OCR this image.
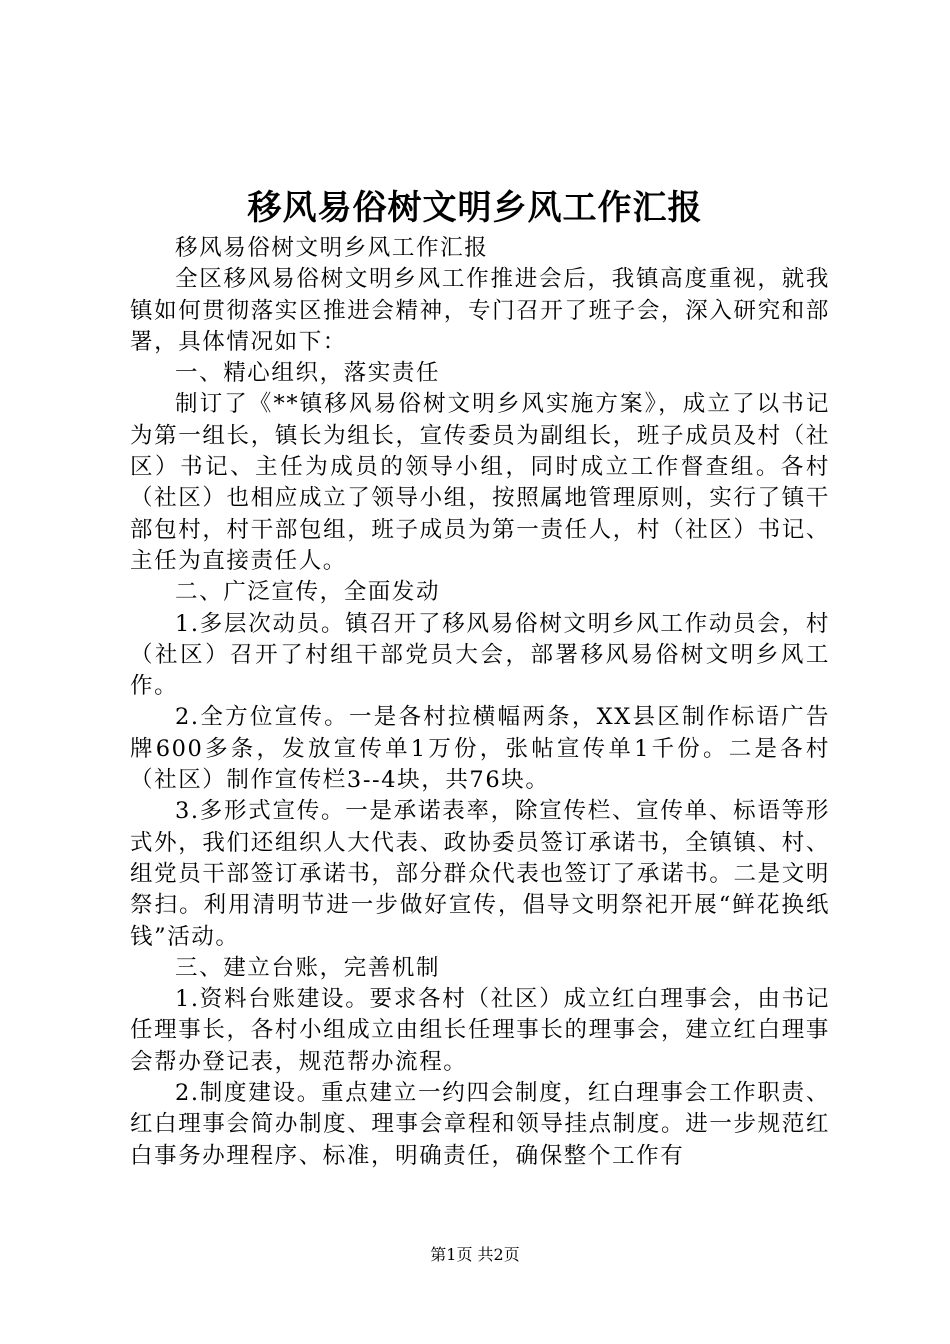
移风易俗树文明乡风工作汇报

移风易俗树文明乡风工作汇报

全区移风易俗树文明乡风工作推进会后，我镇高度重视，就我镇如何贯彻落实区推进会精神，专门召开了班子会，深入研究和部署，具体情况如下：

一、精心组织，落实责任

制订了《**镇移风易俗树文明乡风实施方案》，成立了以书记为第一组长，镇长为组长，宣传委员为副组长，班子成员及村（社区）书记、主任为成员的领导小组，同时成立工作督查组。各村（社区）也相应成立了领导小组，按照属地管理原则，实行了镇干部包村，村干部包组，班子成员为第一责任人，村（社区）书记、主任为直接责任人。

二、广泛宣传，全面发动

1.多层次动员。镇召开了移风易俗树文明乡风工作动员会，村（社区）召开了村组干部党员大会，部署移风易俗树文明乡风工作。

2.全方位宣传。一是各村拉横幅两条，XX县区制作标语广告牌600多条，发放宣传单1万份，张帖宣传单1千份。二是各村（社区）制作宣传栏3--4块，共76块。

3.多形式宣传。一是承诺表率，除宣传栏、宣传单、标语等形式外，我们还组织人大代表、政协委员签订承诺书，全镇镇、村、组党员干部签订承诺书，部分群众代表也签订了承诺书。二是文明祭扫。利用清明节进一步做好宣传，倡导文明祭祀开展“鲜花换纸钱”活动。

三、建立台账，完善机制

1.资料台账建设。要求各村（社区）成立红白理事会，由书记任理事长，各村小组成立由组长任理事长的理事会，建立红白理事会帮办登记表，规范帮办流程。

2.制度建设。重点建立一约四会制度，红白理事会工作职责、红白理事会简办制度、理事会章程和领导挂点制度。进一步规范红白事务办理程序、标准，明确责任，确保整个工作有

第1页 共2页
